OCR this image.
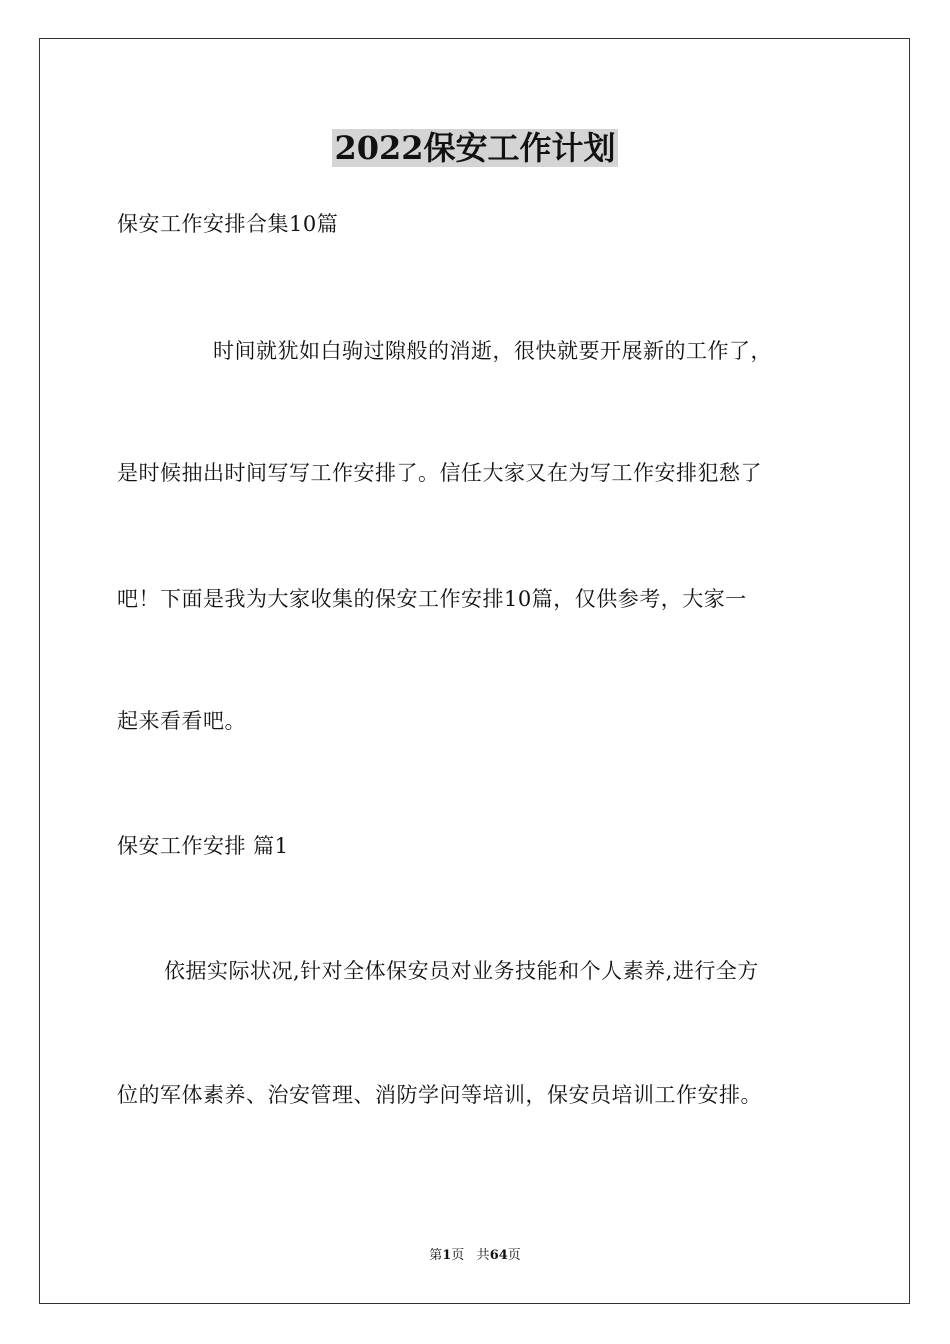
2022保安工作计划
保安工作安排合集10篇
时间就犹如白驹过隙般的消逝，很快就要开展新的工作了，
是时候抽出时间写写工作安排了。信任大家又在为写工作安排犯愁了
吧！下面是我为大家收集的保安工作安排10篇，仅供参考，大家一
起来看看吧。
保安工作安排 篇1
依据实际状况,针对全体保安员对业务技能和个人素养,进行全方
位的军体素养、治安管理、消防学问等培训，保安员培训工作安排。
第1页 共64页
